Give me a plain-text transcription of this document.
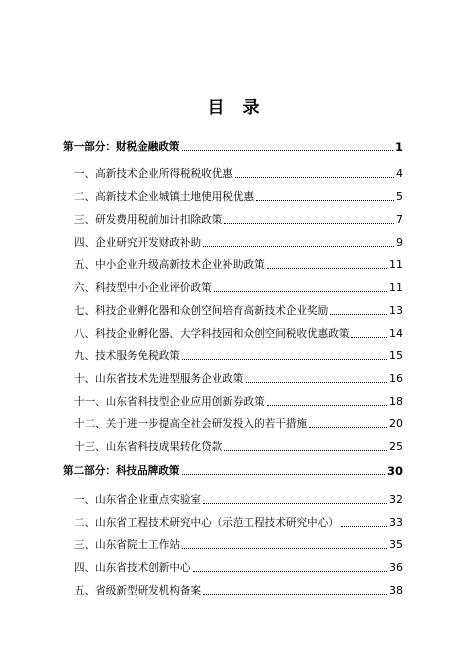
目录
第一部分：财税金融政策	1
一、高新技术企业所得税税收优惠	4
二、高新技术企业城镇土地使用税优惠	5
三、研发费用税前加计扣除政策	7
四、企业研究开发财政补助	9
五、中小企业升级高新技术企业补助政策	11
六、科技型中小企业评价政策	11
七、科技企业孵化器和众创空间培育高新技术企业奖励	13
八、科技企业孵化器、大学科技园和众创空间税收优惠政策	14
九、技术服务免税政策	15
十、山东省技术先进型服务企业政策	16
十一、山东省科技型企业应用创新券政策	18
十二、关于进一步提高全社会研发投入的若干措施	20
十三、山东省科技成果转化贷款	25
第二部分：科技品牌政策	30
一、山东省企业重点实验室	32
二、山东省工程技术研究中心（示范工程技术研究中心）	33
三、山东省院士工作站	35
四、山东省技术创新中心	36
五、省级新型研发机构备案	38
